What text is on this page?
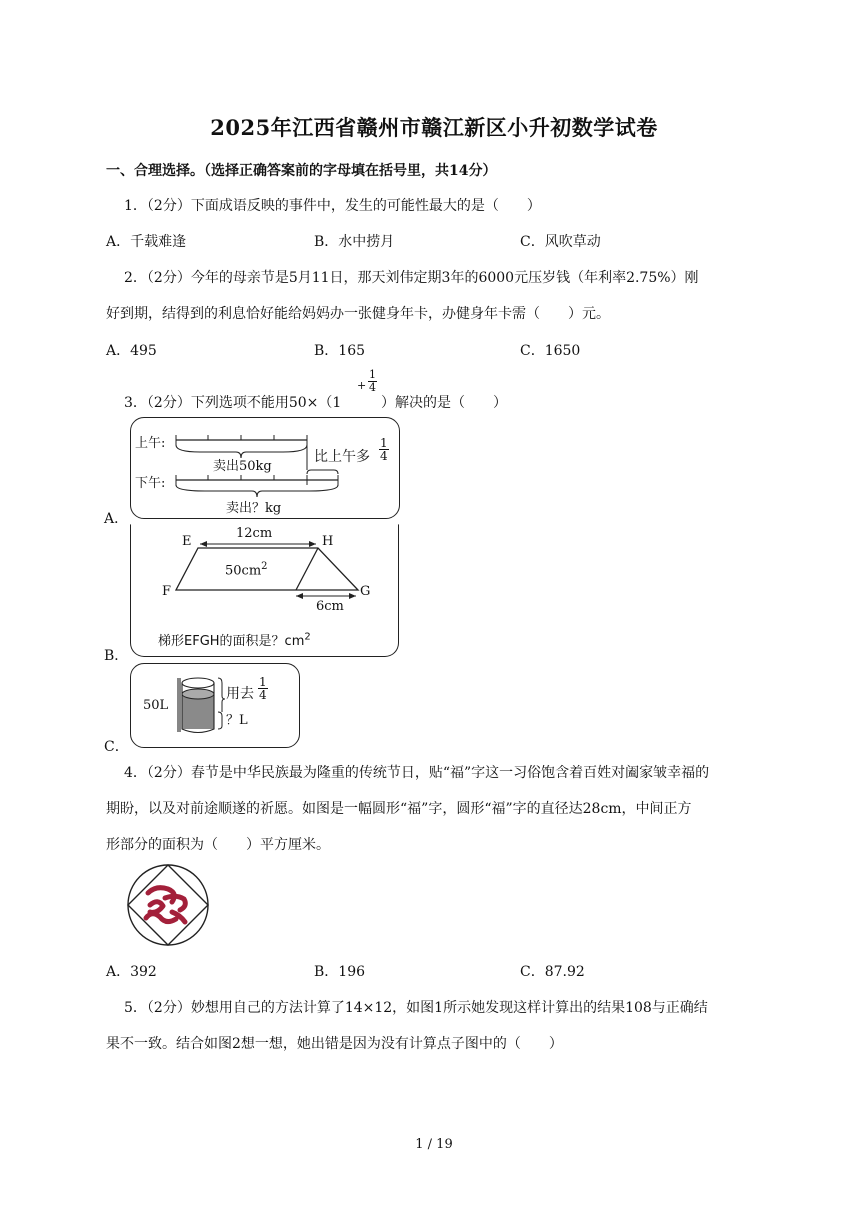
2025年江西省赣州市赣江新区小升初数学试卷
一、合理选择。（选择正确答案前的字母填在括号里，共14分）
1．（2分）下面成语反映的事件中，发生的可能性最大的是（　　）
A．千载难逢	B．水中捞月	C．风吹草动
2．（2分）今年的母亲节是5月11日，那天刘伟定期3年的6000元压岁钱（年利率2.75%）刚
好到期，结得到的利息恰好能给妈妈办一张健身年卡，办健身年卡需（　　）元。
A．495	B．165	C．1650
3．（2分）下列选项不能用50×（1
+ $\frac{1}{4}$
）解决的是（　　）
上午:
下午:
卖出50kg
比上午多 $\frac{1}{4}$
卖出？kg
A．
E	H
F	G
12cm
$50cm^2$
6cm
梯形EFGH的面积是？$cm^2$
B．
50L
用去 $\frac{1}{4}$
？L
C．
4．（2分）春节是中华民族最为隆重的传统节日，贴“福”字这一习俗饱含着百姓对阖家皱幸福的
期盼，以及对前途顺遂的祈愿。如图是一幅圆形“福”字，圆形“福”字的直径达28cm，中间正方
形部分的面积为（　　）平方厘米。
A．392	B．196	C．87.92
5．（2分）妙想用自己的方法计算了14×12，如图1所示她发现这样计算出的结果108与正确结
果不一致。结合如图2想一想，她出错是因为没有计算点子图中的（　　）
1 / 19
